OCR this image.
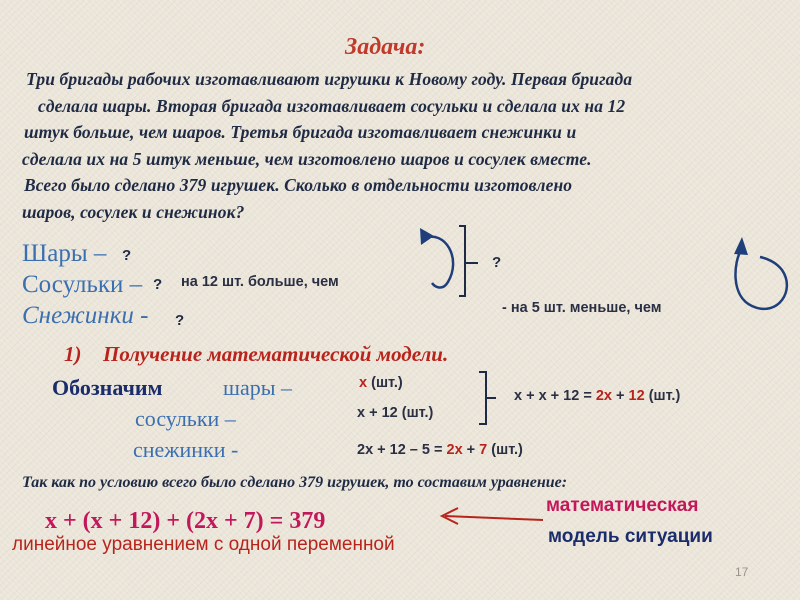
Задача:
Три бригады рабочих изготавливают игрушки к Новому году. Первая бригада
сделала шары. Вторая бригада изготавливает сосульки и сделала их на 12
штук больше, чем шаров. Третья бригада изготавливает снежинки и
сделала их на 5 штук меньше, чем изготовлено шаров и сосулек вместе.
Всего было сделано 379 игрушек. Сколько в отдельности изготовлено
шаров, сосулек и снежинок?
Шары – ?
Сосульки – ? на 12 шт. больше, чем
Снежинки - ?
?
- на 5 шт. меньше, чем
1) Получение математической модели.
Обозначим	шары –
сосульки –
снежинки -
x (шт.)
x + 12 (шт.)
x + x + 12 = 2x + 12 (шт.)
2x + 12 – 5 = 2x + 7 (шт.)
Так как по условию всего было сделано 379 игрушек, то составим уравнение:
x + (x + 12) + (2x + 7) = 379
линейное уравнением с одной переменной
математическая
модель ситуации
17
